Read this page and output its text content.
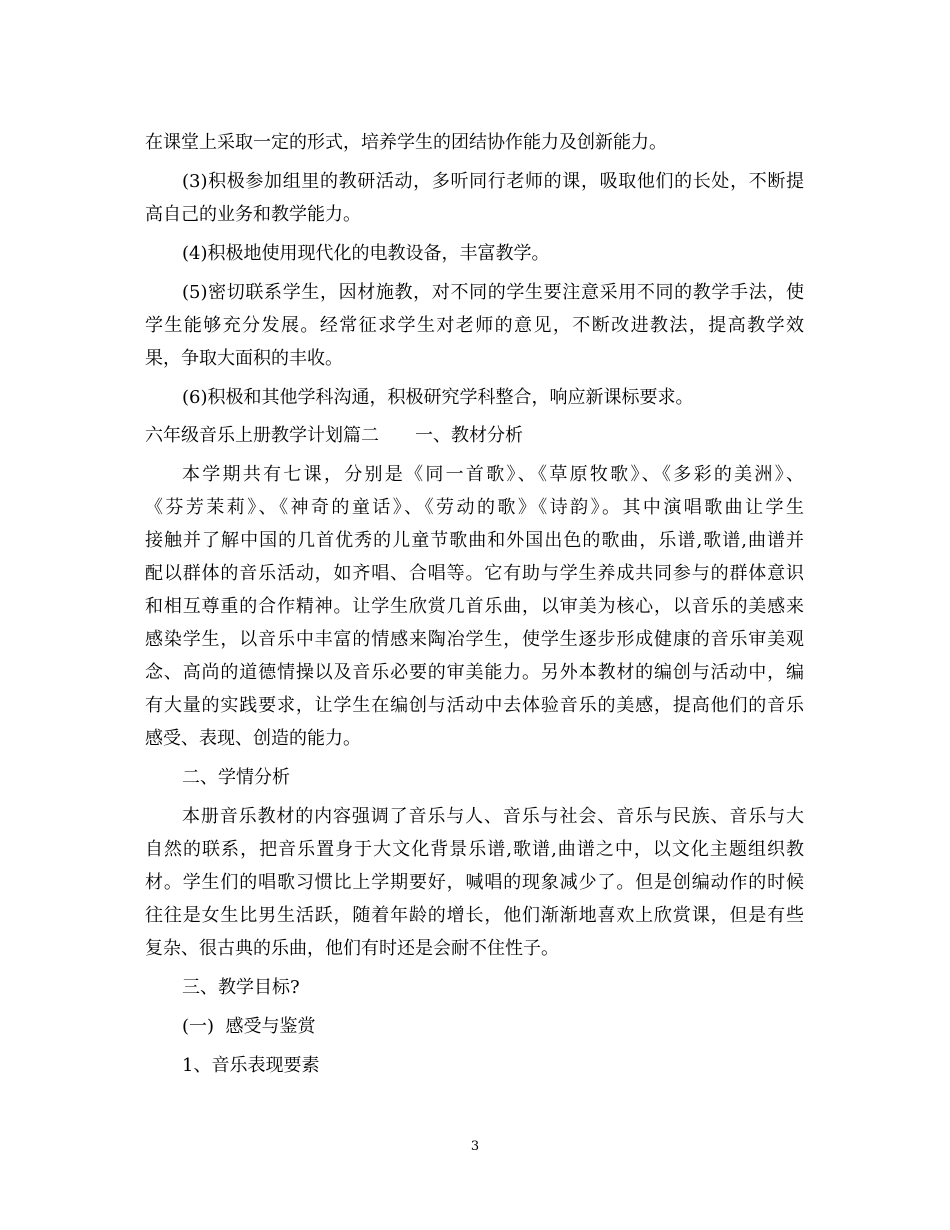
在课堂上采取一定的形式，培养学生的团结协作能力及创新能力。
(3)积极参加组里的教研活动，多听同行老师的课，吸取他们的长处，不断提
高自己的业务和教学能力。
(4)积极地使用现代化的电教设备，丰富教学。
(5)密切联系学生，因材施教，对不同的学生要注意采用不同的教学手法，使
学生能够充分发展。经常征求学生对老师的意见，不断改进教法，提高教学效
果，争取大面积的丰收。
(6)积极和其他学科沟通，积极研究学科整合，响应新课标要求。
六年级音乐上册教学计划篇二　　一、教材分析
本学期共有七课，分别是《同一首歌》、《草原牧歌》、《多彩的美洲》、
《芬芳茉莉》、《神奇的童话》、《劳动的歌》《诗韵》。其中演唱歌曲让学生
接触并了解中国的几首优秀的儿童节歌曲和外国出色的歌曲，乐谱,歌谱,曲谱并
配以群体的音乐活动，如齐唱、合唱等。它有助与学生养成共同参与的群体意识
和相互尊重的合作精神。让学生欣赏几首乐曲，以审美为核心，以音乐的美感来
感染学生，以音乐中丰富的情感来陶冶学生，使学生逐步形成健康的音乐审美观
念、高尚的道德情操以及音乐必要的审美能力。另外本教材的编创与活动中，编
有大量的实践要求，让学生在编创与活动中去体验音乐的美感，提高他们的音乐
感受、表现、创造的能力。
二、学情分析
本册音乐教材的内容强调了音乐与人、音乐与社会、音乐与民族、音乐与大
自然的联系，把音乐置身于大文化背景乐谱,歌谱,曲谱之中，以文化主题组织教
材。学生们的唱歌习惯比上学期要好，喊唱的现象减少了。但是创编动作的时候
往往是女生比男生活跃，随着年龄的增长，他们渐渐地喜欢上欣赏课，但是有些
复杂、很古典的乐曲，他们有时还是会耐不住性子。
三、教学目标?
(一)  感受与鉴赏
1、音乐表现要素
3
